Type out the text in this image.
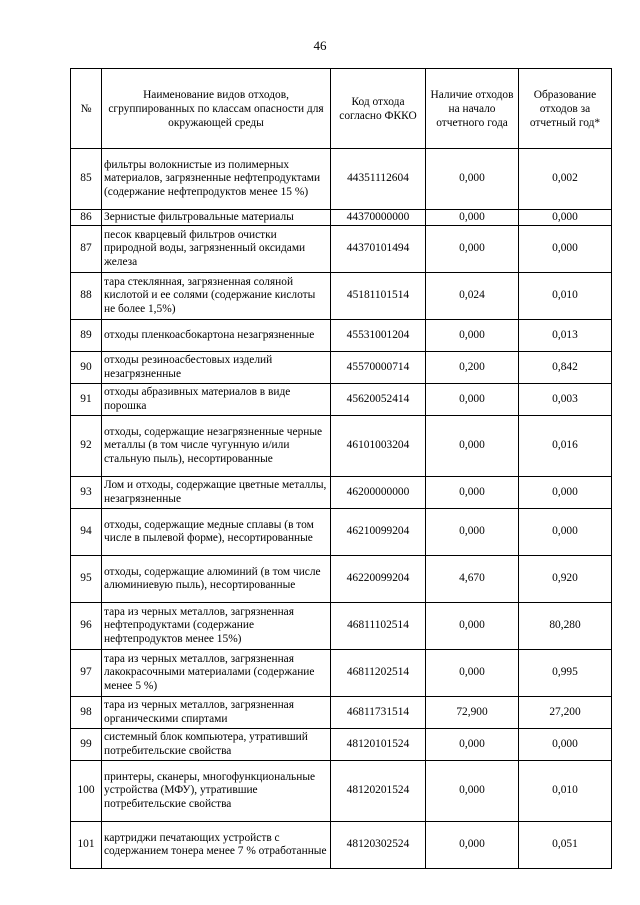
46
№	Наименование видов отходов, сгруппированных по классам опасности для окружающей среды	Код отхода согласно ФККО	Наличие отходов на начало отчетного года	Образование отходов за отчетный год*
85	фильтры волокнистые из полимерных материалов, загрязненные нефтепродуктами (содержание нефтепродуктов менее 15 %)	44351112604	0,000	0,002
86	Зернистые фильтровальные материалы	44370000000	0,000	0,000
87	песок кварцевый фильтров очистки природной воды, загрязненный оксидами железа	44370101494	0,000	0,000
88	тара стеклянная, загрязненная соляной кислотой и ее солями (содержание кислоты не более 1,5%)	45181101514	0,024	0,010
89	отходы пленкоасбокартона незагрязненные	45531001204	0,000	0,013
90	отходы резиноасбестовых изделий незагрязненные	45570000714	0,200	0,842
91	отходы абразивных материалов в виде порошка	45620052414	0,000	0,003
92	отходы, содержащие незагрязненные черные металлы (в том числе чугунную и/или стальную пыль), несортированные	46101003204	0,000	0,016
93	Лом и отходы, содержащие цветные металлы, незагрязненные	46200000000	0,000	0,000
94	отходы, содержащие медные сплавы (в том числе в пылевой форме), несортированные	46210099204	0,000	0,000
95	отходы, содержащие алюминий (в том числе алюминиевую пыль), несортированные	46220099204	4,670	0,920
96	тара из черных металлов, загрязненная нефтепродуктами (содержание нефтепродуктов менее 15%)	46811102514	0,000	80,280
97	тара из черных металлов, загрязненная лакокрасочными материалами (содержание менее 5 %)	46811202514	0,000	0,995
98	тара из черных металлов, загрязненная органическими спиртами	46811731514	72,900	27,200
99	системный блок компьютера, утративший потребительские свойства	48120101524	0,000	0,000
100	принтеры, сканеры, многофункциональные устройства (МФУ), утратившие потребительские свойства	48120201524	0,000	0,010
101	картриджи печатающих устройств с содержанием тонера менее 7 % отработанные	48120302524	0,000	0,051
